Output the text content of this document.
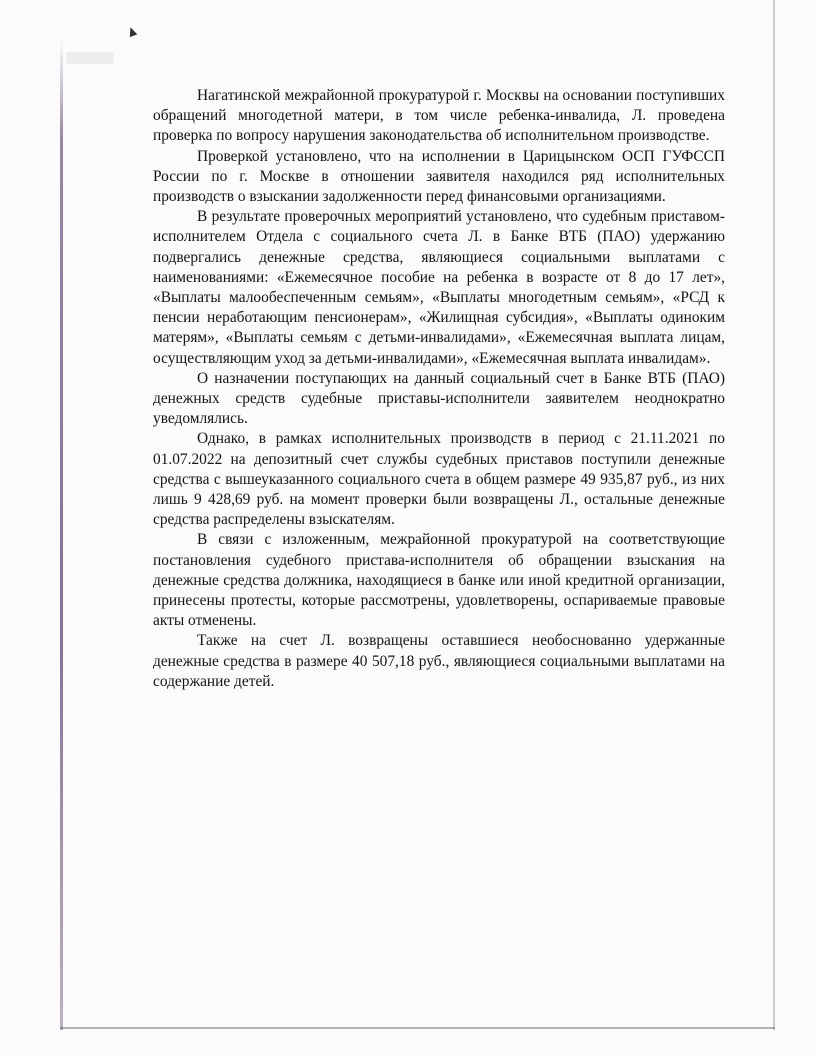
Нагатинской межрайонной прокуратурой г. Москвы на основании поступивших обращений многодетной матери, в том числе ребенка-инвалида, Л. проведена проверка по вопросу нарушения законодательства об исполнительном производстве.

Проверкой установлено, что на исполнении в Царицынском ОСП ГУФССП России по г. Москве в отношении заявителя находился ряд исполнительных производств о взыскании задолженности перед финансовыми организациями.

В результате проверочных мероприятий установлено, что судебным приставом-исполнителем Отдела с социального счета Л. в Банке ВТБ (ПАО) удержанию подвергались денежные средства, являющиеся социальными выплатами с наименованиями: «Ежемесячное пособие на ребенка в возрасте от 8 до 17 лет», «Выплаты малообеспеченным семьям», «Выплаты многодетным семьям», «РСД к пенсии неработающим пенсионерам», «Жилищная субсидия», «Выплаты одиноким матерям», «Выплаты семьям с детьми-инвалидами», «Ежемесячная выплата лицам, осуществляющим уход за детьми-инвалидами», «Ежемесячная выплата инвалидам».

О назначении поступающих на данный социальный счет в Банке ВТБ (ПАО) денежных средств судебные приставы-исполнители заявителем неоднократно уведомлялись.

Однако, в рамках исполнительных производств в период с 21.11.2021 по 01.07.2022 на депозитный счет службы судебных приставов поступили денежные средства с вышеуказанного социального счета в общем размере 49 935,87 руб., из них лишь 9 428,69 руб. на момент проверки были возвращены Л., остальные денежные средства распределены взыскателям.

В связи с изложенным, межрайонной прокуратурой на соответствующие постановления судебного пристава-исполнителя об обращении взыскания на денежные средства должника, находящиеся в банке или иной кредитной организации, принесены протесты, которые рассмотрены, удовлетворены, оспариваемые правовые акты отменены.

Также на счет Л. возвращены оставшиеся необоснованно удержанные денежные средства в размере 40 507,18 руб., являющиеся социальными выплатами на содержание детей.
